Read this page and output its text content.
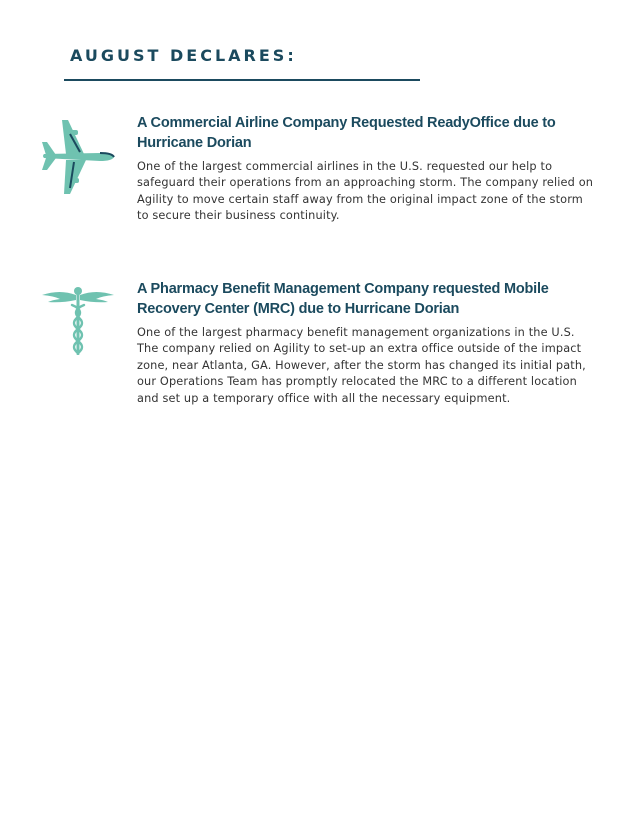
AUGUST DECLARES:
A Commercial Airline Company Requested ReadyOffice due to Hurricane Dorian
One of the largest commercial airlines in the U.S. requested our help to safeguard their operations from an approaching storm. The company relied on Agility to move certain staff away from the original impact zone of the storm to secure their business continuity.
A Pharmacy Benefit Management Company requested Mobile Recovery Center (MRC) due to Hurricane Dorian
One of the largest pharmacy benefit management organizations in the U.S. The company relied on Agility to set-up an extra office outside of the impact zone, near Atlanta, GA. However, after the storm has changed its initial path, our Operations Team has promptly relocated the MRC to a different location and set up a temporary office with all the necessary equipment.
